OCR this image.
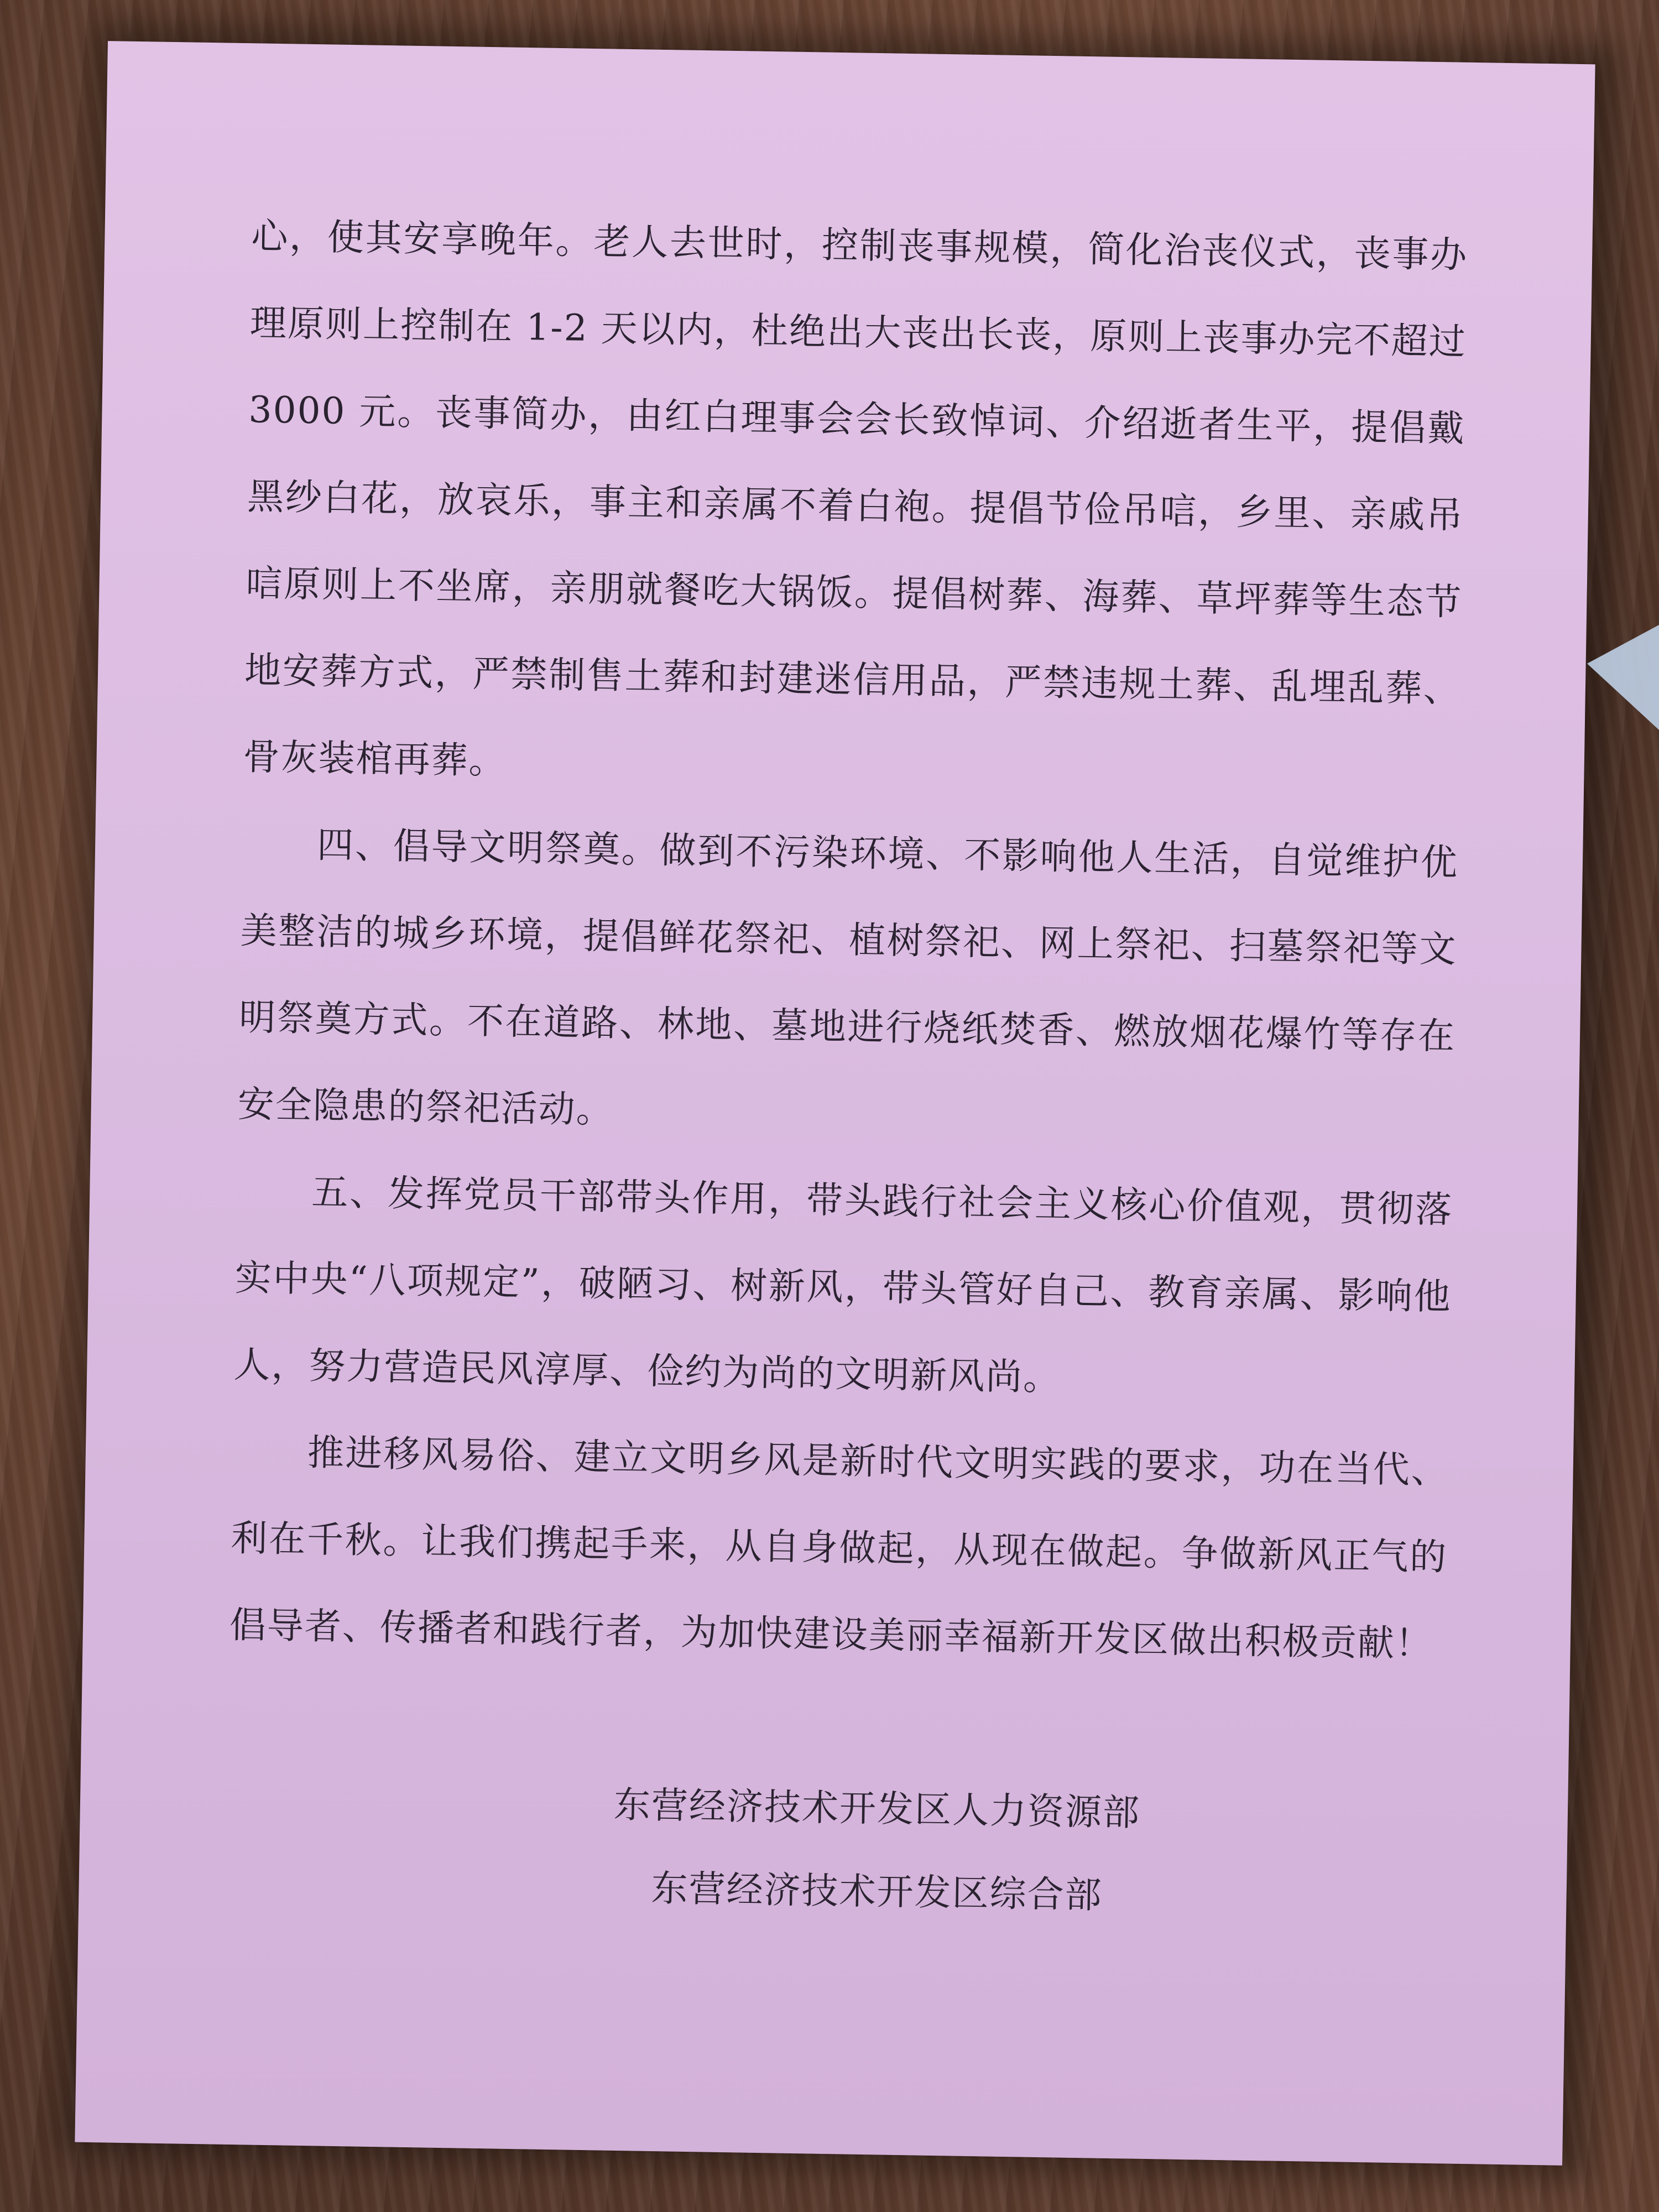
心，使其安享晚年。老人去世时，控制丧事规模，简化治丧仪式，丧事办理原则上控制在 1-2 天以内，杜绝出大丧出长丧，原则上丧事办完不超过 3000 元。丧事简办，由红白理事会会长致悼词、介绍逝者生平，提倡戴黑纱白花，放哀乐，事主和亲属不着白袍。提倡节俭吊唁，乡里、亲戚吊唁原则上不坐席，亲朋就餐吃大锅饭。提倡树葬、海葬、草坪葬等生态节地安葬方式，严禁制售土葬和封建迷信用品，严禁违规土葬、乱埋乱葬、骨灰装棺再葬。

四、倡导文明祭奠。做到不污染环境、不影响他人生活，自觉维护优美整洁的城乡环境，提倡鲜花祭祀、植树祭祀、网上祭祀、扫墓祭祀等文明祭奠方式。不在道路、林地、墓地进行烧纸焚香、燃放烟花爆竹等存在安全隐患的祭祀活动。

五、发挥党员干部带头作用，带头践行社会主义核心价值观，贯彻落实中央“八项规定”，破陋习、树新风，带头管好自己、教育亲属、影响他人，努力营造民风淳厚、俭约为尚的文明新风尚。

推进移风易俗、建立文明乡风是新时代文明实践的要求，功在当代、利在千秋。让我们携起手来，从自身做起，从现在做起。争做新风正气的倡导者、传播者和践行者，为加快建设美丽幸福新开发区做出积极贡献！

东营经济技术开发区人力资源部
东营经济技术开发区综合部
